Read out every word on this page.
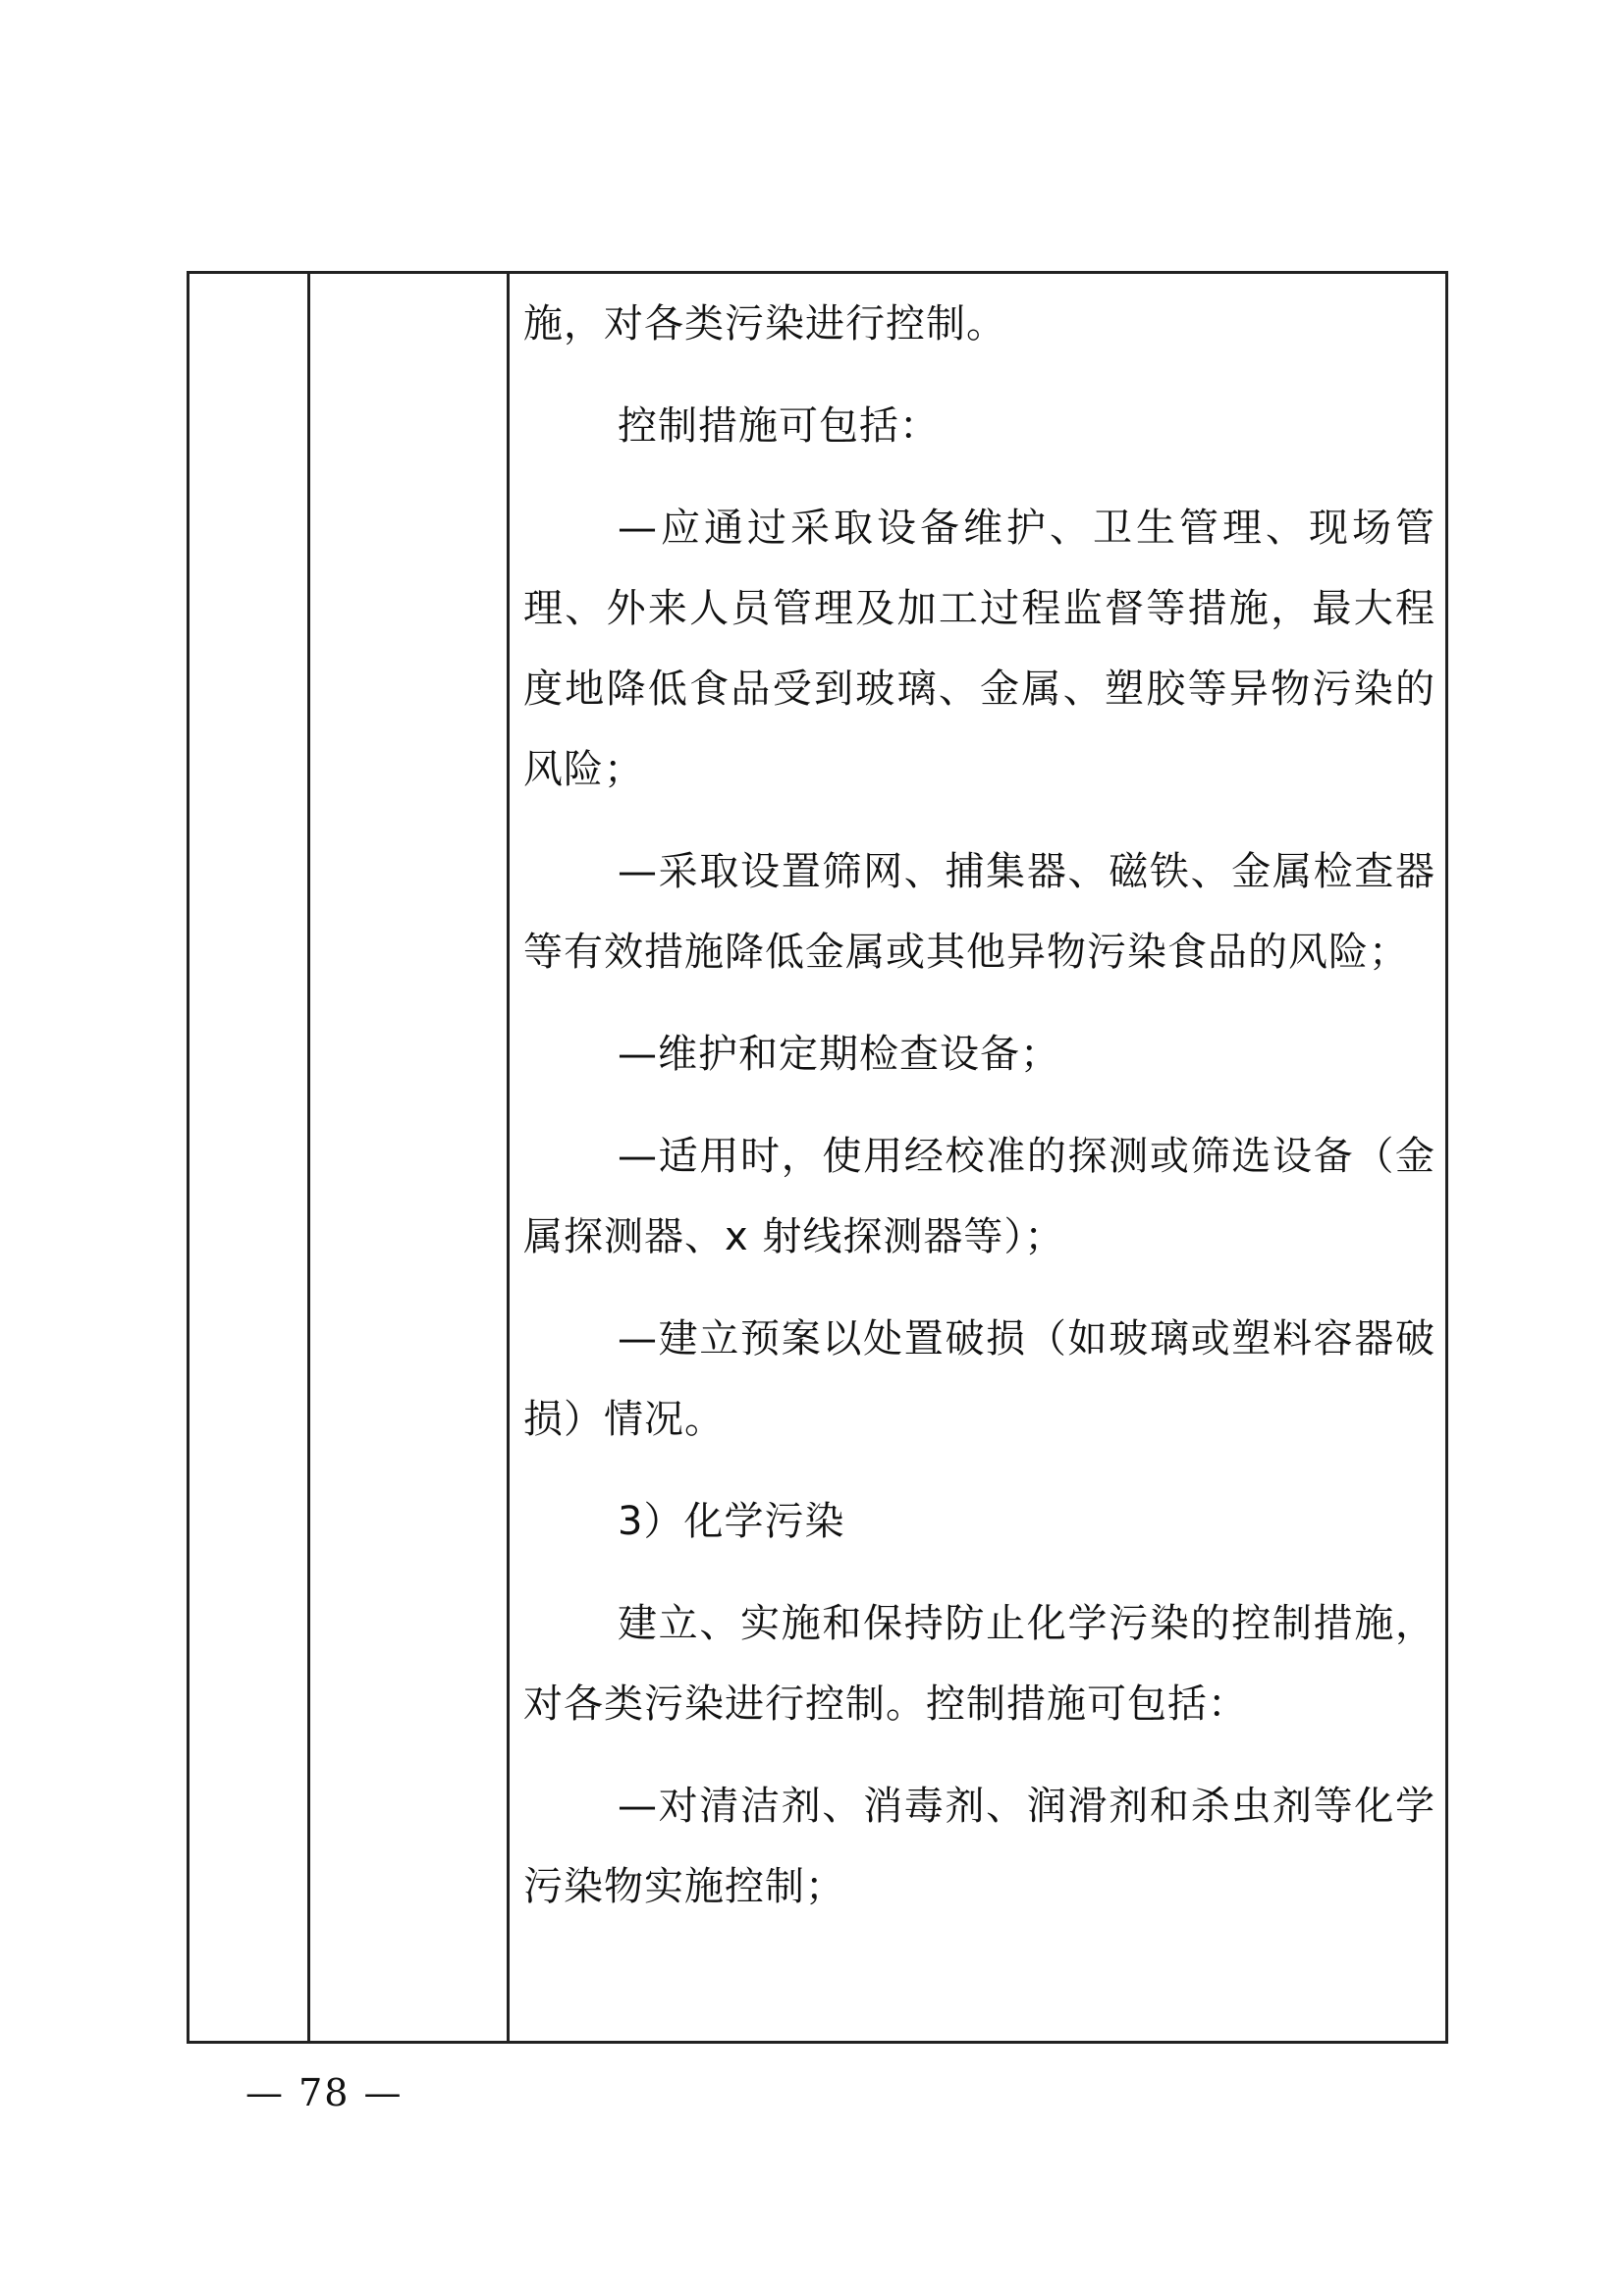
施，对各类污染进行控制。

控制措施可包括：

—应通过采取设备维护、卫生管理、现场管理、外来人员管理及加工过程监督等措施，最大程度地降低食品受到玻璃、金属、塑胶等异物污染的风险；

—采取设置筛网、捕集器、磁铁、金属检查器等有效措施降低金属或其他异物污染食品的风险；

—维护和定期检查设备；

—适用时，使用经校准的探测或筛选设备（金属探测器、x 射线探测器等）；

—建立预案以处置破损（如玻璃或塑料容器破损）情况。

3）化学污染

建立、实施和保持防止化学污染的控制措施，对各类污染进行控制。控制措施可包括：

—对清洁剂、消毒剂、润滑剂和杀虫剂等化学污染物实施控制；

— 78 —
